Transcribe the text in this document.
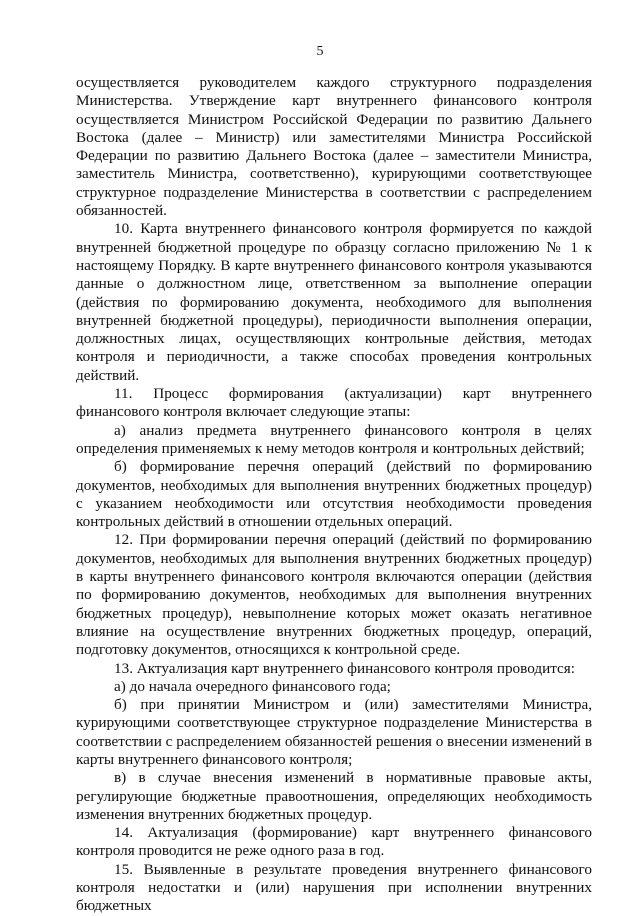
5

осуществляется руководителем каждого структурного подразделения Министерства. Утверждение карт внутреннего финансового контроля осуществляется Министром Российской Федерации по развитию Дальнего Востока (далее – Министр) или заместителями Министра Российской Федерации по развитию Дальнего Востока (далее – заместители Министра, заместитель Министра, соответственно), курирующими соответствующее структурное подразделение Министерства в соответствии с распределением обязанностей.

10. Карта внутреннего финансового контроля формируется по каждой внутренней бюджетной процедуре по образцу согласно приложению № 1 к настоящему Порядку. В карте внутреннего финансового контроля указываются данные о должностном лице, ответственном за выполнение операции (действия по формированию документа, необходимого для выполнения внутренней бюджетной процедуры), периодичности выполнения операции, должностных лицах, осуществляющих контрольные действия, методах контроля и периодичности, а также способах проведения контрольных действий.

11. Процесс формирования (актуализации) карт внутреннего финансового контроля включает следующие этапы:

а) анализ предмета внутреннего финансового контроля в целях определения применяемых к нему методов контроля и контрольных действий;

б) формирование перечня операций (действий по формированию документов, необходимых для выполнения внутренних бюджетных процедур) с указанием необходимости или отсутствия необходимости проведения контрольных действий в отношении отдельных операций.

12. При формировании перечня операций (действий по формированию документов, необходимых для выполнения внутренних бюджетных процедур) в карты внутреннего финансового контроля включаются операции (действия по формированию документов, необходимых для выполнения внутренних бюджетных процедур), невыполнение которых может оказать негативное влияние на осуществление внутренних бюджетных процедур, операций, подготовку документов, относящихся к контрольной среде.

13. Актуализация карт внутреннего финансового контроля проводится:

а) до начала очередного финансового года;

б) при принятии Министром и (или) заместителями Министра, курирующими соответствующее структурное подразделение Министерства в соответствии с распределением обязанностей решения о внесении изменений в карты внутреннего финансового контроля;

в) в случае внесения изменений в нормативные правовые акты, регулирующие бюджетные правоотношения, определяющих необходимость изменения внутренних бюджетных процедур.

14. Актуализация (формирование) карт внутреннего финансового контроля проводится не реже одного раза в год.

15. Выявленные в результате проведения внутреннего финансового контроля недостатки и (или) нарушения при исполнении внутренних бюджетных
